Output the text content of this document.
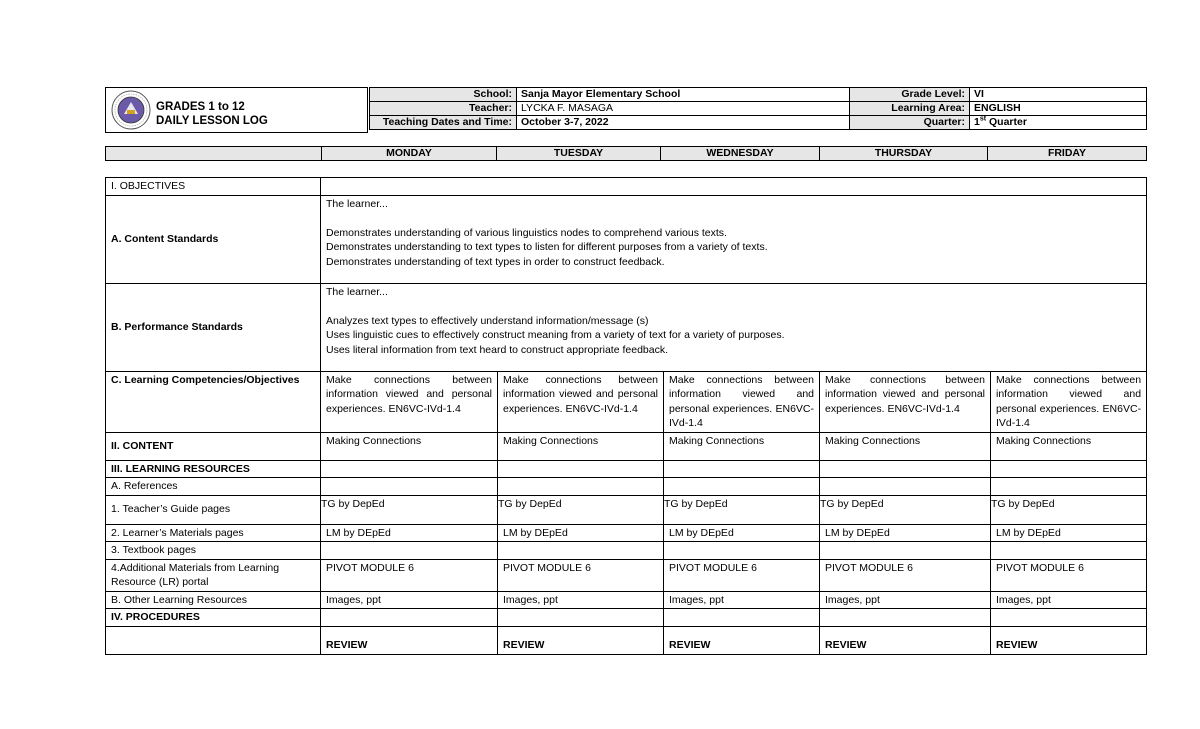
GRADES 1 to 12
DAILY LESSON LOG
School:	Sanja Mayor Elementary School	Grade Level:	VI
Teacher:	LYCKA F. MASAGA	Learning Area:	ENGLISH
Teaching Dates and Time:	October 3-7, 2022	Quarter:	1st Quarter
	MONDAY	TUESDAY	WEDNESDAY	THURSDAY	FRIDAY
I. OBJECTIVES					
A. Content Standards	The learner...
Demonstrates understanding of various linguistics nodes to comprehend various texts.
Demonstrates understanding to text types to listen for different purposes from a variety of texts.
Demonstrates understanding of text types in order to construct feedback.				

B. Performance Standards	The learner...
Analyzes text types to effectively understand information/message (s)
Uses linguistic cues to effectively construct meaning from a variety of text for a variety of purposes.
Uses literal information from text heard to construct appropriate feedback.				

C. Learning Competencies/Objectives	Make connections between information viewed and personal experiences. EN6VC-IVd-1.4	Make connections between information viewed and personal experiences. EN6VC-IVd-1.4	Make connections between information viewed and personal experiences. EN6VC-IVd-1.4	Make connections between information viewed and personal experiences. EN6VC-IVd-1.4	Make connections between information viewed and personal experiences. EN6VC-IVd-1.4
II. CONTENT	Making Connections	Making Connections	Making Connections	Making Connections	Making Connections
III. LEARNING RESOURCES					
A. References					
1. Teacher’s Guide pages	TG by DepEd	TG by DepEd	TG by DepEd	TG by DepEd	TG by DepEd
2. Learner’s Materials pages	LM by DEpEd	LM by DEpEd	LM by DEpEd	LM by DEpEd	LM by DEpEd
3. Textbook pages					
4.Additional Materials from Learning Resource (LR) portal	PIVOT MODULE 6	PIVOT MODULE 6	PIVOT MODULE 6	PIVOT MODULE 6	PIVOT MODULE 6
B. Other Learning Resources	Images, ppt	Images, ppt	Images, ppt	Images, ppt	Images, ppt
IV. PROCEDURES					
	REVIEW	REVIEW	REVIEW	REVIEW	REVIEW
